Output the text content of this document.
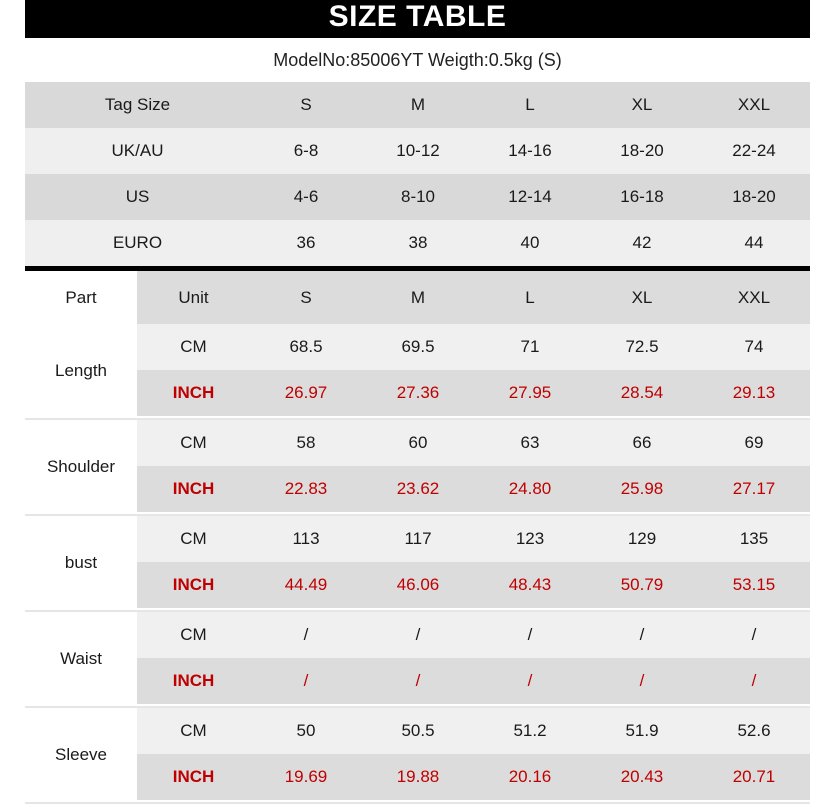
SIZE TABLE
ModelNo:85006YT Weigth:0.5kg (S)
Tag Size	S	M	L	XL	XXL
UK/AU	6-8	10-12	14-16	18-20	22-24
US	4-6	8-10	12-14	16-18	18-20
EURO	36	38	40	42	44
Part	Unit	S	M	L	XL	XXL
Length
CM	68.5	69.5	71	72.5	74
INCH	26.97	27.36	27.95	28.54	29.13
Shoulder
CM	58	60	63	66	69
INCH	22.83	23.62	24.80	25.98	27.17
bust
CM	113	117	123	129	135
INCH	44.49	46.06	48.43	50.79	53.15
Waist
CM	/	/	/	/	/
INCH	/	/	/	/	/
Sleeve
CM	50	50.5	51.2	51.9	52.6
INCH	19.69	19.88	20.16	20.43	20.71
